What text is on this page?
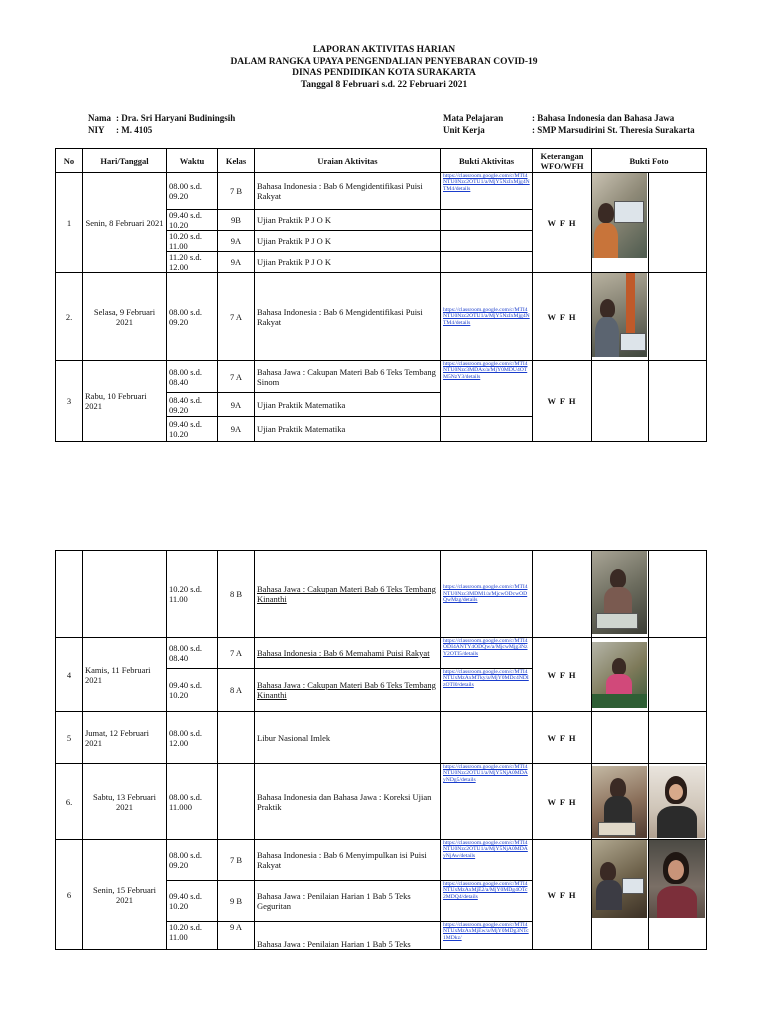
LAPORAN AKTIVITAS HARIAN
DALAM RANGKA UPAYA PENGENDALIAN PENYEBARAN COVID-19
DINAS PENDIDIKAN KOTA SURAKARTA
Tanggal 8 Februari s.d. 22 Februari 2021
Nama : Dra. Sri Haryani Budiningsih
NIY : M. 4105
Mata Pelajaran	: Bahasa Indonesia dan Bahasa Jawa
Unit Kerja	: SMP Marsudirini St. Theresia Surakarta
No	Hari/Tanggal	Waktu	Kelas	Uraian Aktivitas	Bukti Aktivitas	Keterangan WFO/WFH	Bukti Foto	
1	Senin, 8 Februari 2021	08.00 s.d. 09.20	7 B	Bahasa Indonesia : Bab 6 Mengidentifikasi Puisi Rakyat	https://classroom.google.com/c/MTI4NTU0Nzc2OTU1/a/MjY5NzIxMjg4NTM4/details	W F H	

		09.40 s.d. 10.20	9B	Ujian Praktik P J O K				
		10.20 s.d. 11.00	9A	Ujian Praktik P J O K				
		11.20 s.d. 12.00	9A	Ujian Praktik P J O K				
2.	Selasa, 9 Februari 2021	08.00 s.d. 09.20	7 A	Bahasa Indonesia : Bab 6 Mengidentifikasi Puisi Rakyat	https://classroom.google.com/c/MTI4NTU0Nzc2OTU1/a/MjY5NzIxMjg4NTM4/details	W F H	

3	Rabu, 10 Februari 2021	08.00 s.d. 08.40	7 A	Bahasa Jawa : Cakupan Materi Bab 6 Teks Tembang Sinom	https://classroom.google.com/c/MTI4NTU0Nzc3MDAx/a/MjY0MDU4OTM5NzY3/details	W F H		
		08.40 s.d. 09.20	9A	Ujian Praktik Matematika				
		09.40 s.d. 10.20	9A	Ujian Praktik Matematika				
		10.20 s.d. 11.00	8 B	Bahasa Jawa : Cakupan Materi Bab 6 Teks Tembang Kinanthi	https://classroom.google.com/c/MTI4NTU0Nzc3MDM1/a/MjcwODcwODQwMzg/details		

4	Kamis, 11 Februari 2021	08.00 s.d. 08.40	7 A	Bahasa Indonesia : Bab 6 Memahami Puisi Rakyat	https://classroom.google.com/c/MTI4ODI4ANTY4ODQw/a/MjcwMjg3NzY2OTI5/details	W F H	

		09.40 s.d. 10.20	8 A	Bahasa Jawa : Cakupan Materi Bab 6 Teks Tembang Kinanthi	https://classroom.google.com/c/MTI4NTUxMzAxMTky/a/MjY0MDc4NDIzOTI0/details			
5	Jumat, 12 Februari 2021	08.00 s.d. 12.00		Libur Nasional Imlek		W F H		
6.	Sabtu, 13 Februari 2021	08.00 s.d. 11.000		Bahasa Indonesia dan Bahasa Jawa : Koreksi Ujian Praktik	https://classroom.google.com/c/MTI4NTU0Nzc2OTU1/a/MjY5NjA0MDAyNDg5/details	W F H	

6	Senin, 15 Februari 2021	08.00 s.d. 09.20	7 B	Bahasa Indonesia : Bab 6 Menyimpulkan isi Puisi Rakyat	https://classroom.google.com/c/MTI4NTU0Nzc2OTU1/a/MjY5NjA0MDAyNjAw/details	W F H	

		09.40 s.d. 10.20	9 B	Bahasa Jawa : Penilaian Harian 1 Bab 5 Teks Geguritan	https://classroom.google.com/c/MTI4NTUxMzAxMjE2/a/MjY0MDg4OTc2MDQ4/details			
		10.20 s.d. 11.00	9 A	Bahasa Jawa : Penilaian Harian 1 Bab 5 Teks	https://classroom.google.com/c/MTI4NTUxMzAxMjEw/a/MjY0MDg3NTc1MDkz/			
